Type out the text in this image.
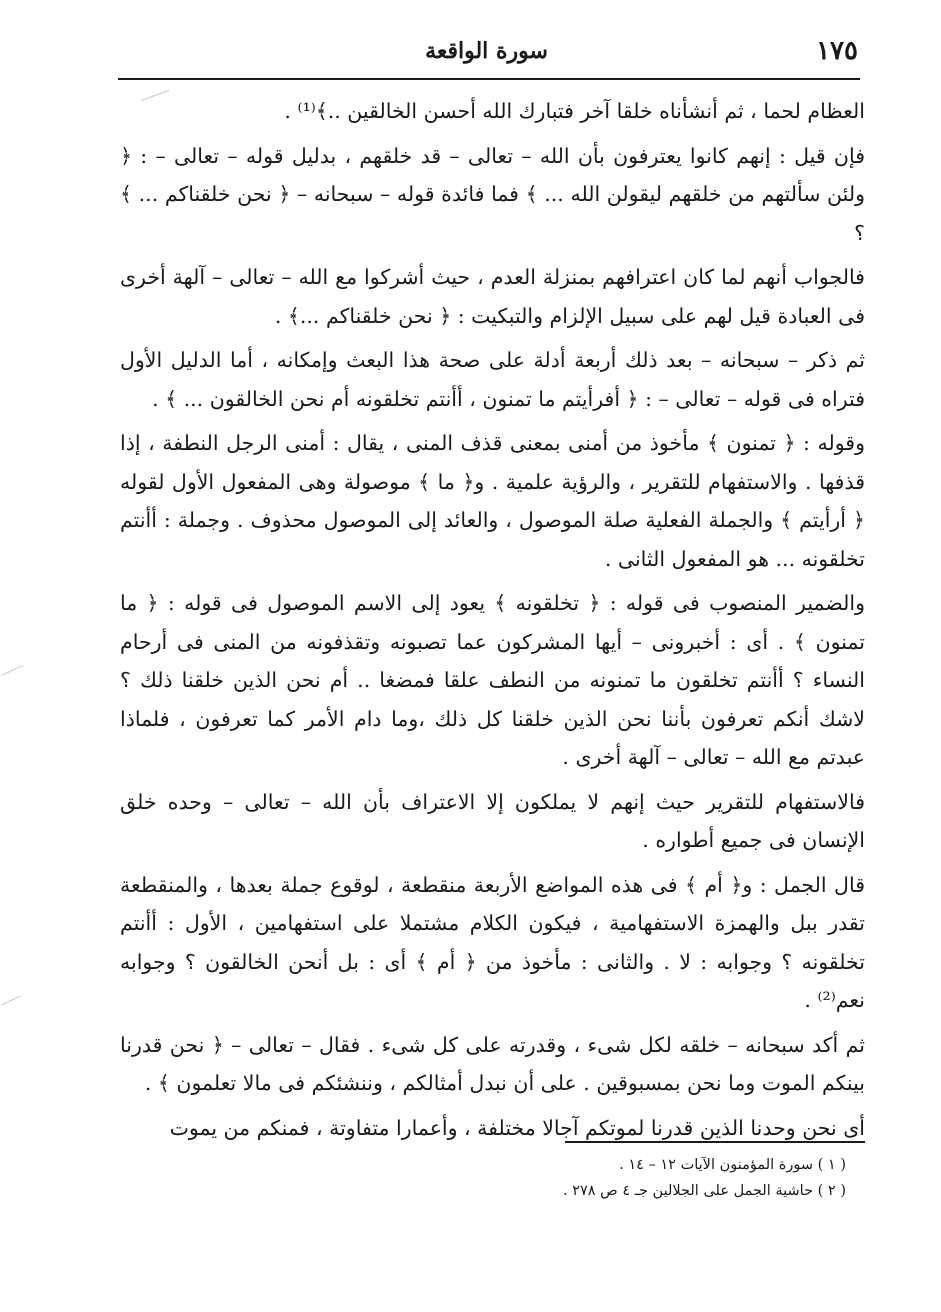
١٧٥
سورة الواقعة

العظام لحما ، ثم أنشأناه خلقا آخر فتبارك الله أحسن الخالقين ..﴾⁽¹⁾ .

فإن قيل : إنهم كانوا يعترفون بأن الله – تعالى – قد خلقهم ، بدليل قوله – تعالى – : ﴿ ولئن سألتهم من خلقهم ليقولن الله ... ﴾ فما فائدة قوله – سبحانه – ﴿ نحن خلقناكم ... ﴾ ؟

فالجواب أنهم لما كان اعترافهم بمنزلة العدم ، حيث أشركوا مع الله – تعالى – آلهة أخرى فى العبادة قيل لهم على سبيل الإلزام والتبكيت : ﴿ نحن خلقناكم ...﴾ .

ثم ذكر – سبحانه – بعد ذلك أربعة أدلة على صحة هذا البعث وإمكانه ، أما الدليل الأول فتراه فى قوله – تعالى – : ﴿ أفرأيتم ما تمنون ، أأنتم تخلقونه أم نحن الخالقون ... ﴾ .

وقوله : ﴿ تمنون ﴾ مأخوذ من أمنى بمعنى قذف المنى ، يقال : أمنى الرجل النطفة ، إذا قذفها . والاستفهام للتقرير ، والرؤية علمية . و﴿ ما ﴾ موصولة وهى المفعول الأول لقوله ﴿ أرأيتم ﴾ والجملة الفعلية صلة الموصول ، والعائد إلى الموصول محذوف . وجملة : أأنتم تخلقونه ... هو المفعول الثانى .

والضمير المنصوب فى قوله : ﴿ تخلقونه ﴾ يعود إلى الاسم الموصول فى قوله : ﴿ ما تمنون ﴾ . أى : أخبرونى – أيها المشركون عما تصبونه وتقذفونه من المنى فى أرحام النساء ؟ أأنتم تخلقون ما تمنونه من النطف علقا فمضغا .. أم نحن الذين خلقنا ذلك ؟ لاشك أنكم تعرفون بأننا نحن الذين خلقنا كل ذلك ،وما دام الأمر كما تعرفون ، فلماذا عبدتم مع الله – تعالى – آلهة أخرى .

فالاستفهام للتقرير حيث إنهم لا يملكون إلا الاعتراف بأن الله – تعالى – وحده خلق الإنسان فى جميع أطواره .

قال الجمل : و﴿ أم ﴾ فى هذه المواضع الأربعة منقطعة ، لوقوع جملة بعدها ، والمنقطعة تقدر ببل والهمزة الاستفهامية ، فيكون الكلام مشتملا على استفهامين ، الأول : أأنتم تخلقونه ؟ وجوابه : لا . والثانى : مأخوذ من ﴿ أم ﴾ أى : بل أنحن الخالقون ؟ وجوابه نعم⁽²⁾ .

ثم أكد سبحانه – خلقه لكل شىء ، وقدرته على كل شىء . فقال – تعالى – ﴿ نحن قدرنا بينكم الموت وما نحن بمسبوقين . على أن نبدل أمثالكم ، وننشئكم فى مالا تعلمون ﴾ .

أى نحن وحدنا الذين قدرنا لموتكم آجالا مختلفة ، وأعمارا متفاوتة ، فمنكم من يموت

( ١ ) سورة المؤمنون الآيات ١٢ – ١٤ .

( ٢ ) حاشية الجمل على الجلالين جـ ٤ ص ٢٧٨ .
